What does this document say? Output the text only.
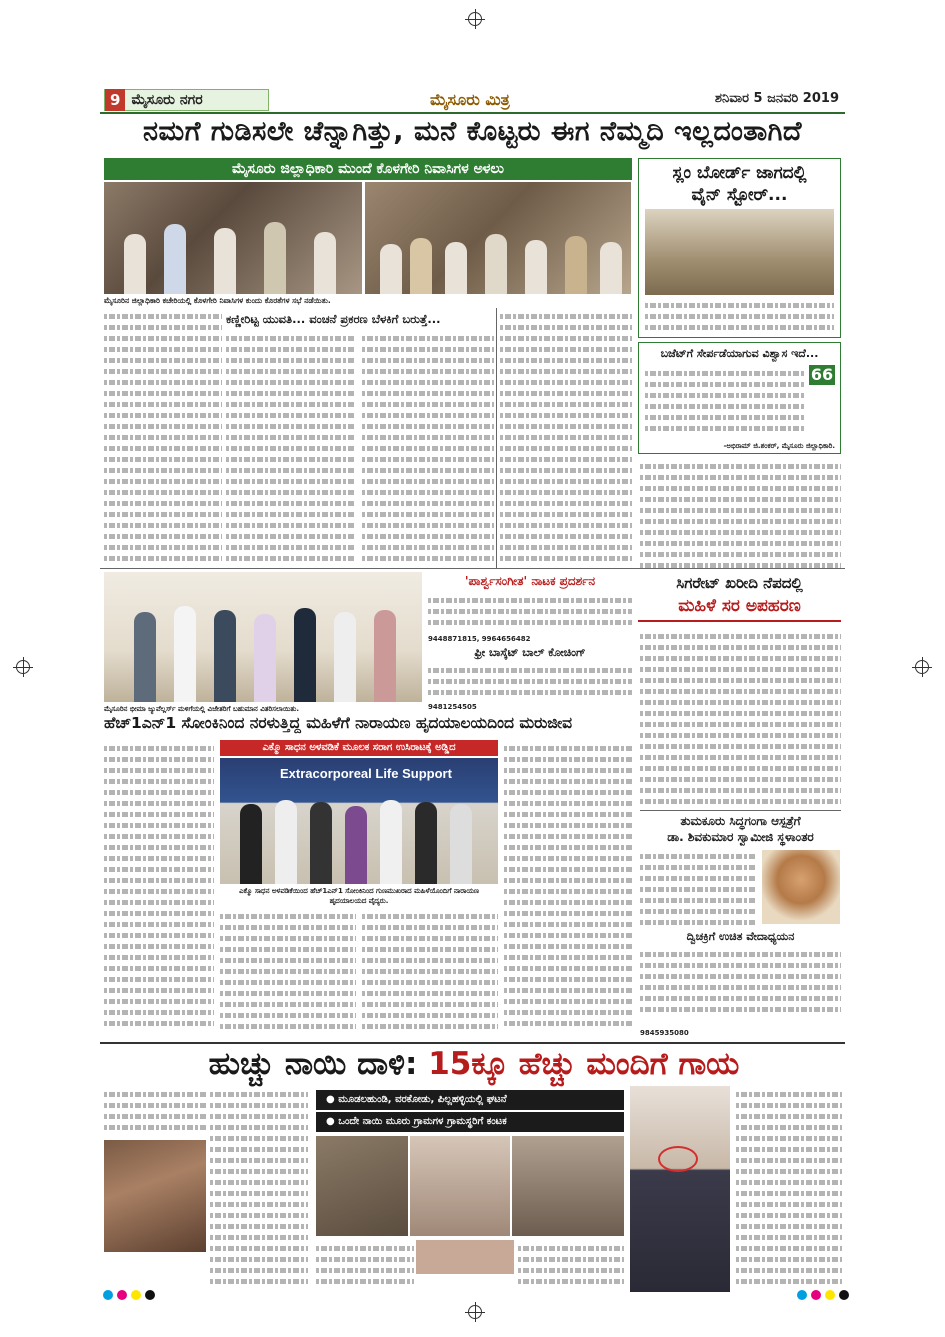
9 ಮೈಸೂರು ನಗರ	ಮೈಸೂರು ಮಿತ್ರ	ಶನಿವಾರ 5 ಜನವರಿ 2019
ನಮಗೆ ಗುಡಿಸಲೇ ಚೆನ್ನಾಗಿತ್ತು, ಮನೆ ಕೊಟ್ಟರು ಈಗ ನೆಮ್ಮದಿ ಇಲ್ಲದಂತಾಗಿದೆ
ಮೈಸೂರು ಜಿಲ್ಲಾಧಿಕಾರಿ ಮುಂದೆ ಕೊಳಗೇರಿ ನಿವಾಸಿಗಳ ಅಳಲು
ಮೈಸೂರಿನ ಜಿಲ್ಲಾಧಿಕಾರಿ ಕಚೇರಿಯಲ್ಲಿ ಕೊಳಗೇರಿ ನಿವಾಸಿಗಳ ಕುಂದು ಕೊರತೆಗಳ ಸಭೆ ನಡೆಯಿತು.
ಕಣ್ಣೀರಿಟ್ಟ ಯುವತಿ... ವಂಚನೆ ಪ್ರಕರಣ ಬೆಳಕಿಗೆ ಬರುತ್ತೆ...
ಸ್ಲಂ ಬೋರ್ಡ್ ಜಾಗದಲ್ಲಿ
ವೈನ್ ಸ್ಟೋರ್...
ಬಜೆಟ್‌ಗೆ ಸೇರ್ಪಡೆಯಾಗುವ ವಿಶ್ವಾಸ ಇದೆ...
66
-ಅಭಿರಾಮ್ ಜಿ.ಶಂಕರ್, ಮೈಸೂರು ಜಿಲ್ಲಾಧಿಕಾರಿ.
ಮೈಸೂರಿನ ಭೀಮಾ ಜ್ಯುವೆಲ್ಲರ್ಸ್ ಮಳಿಗೆಯಲ್ಲಿ ವಿಜೇತರಿಗೆ ಬಹುಮಾನ ವಿತರಿಸಲಾಯಿತು.
'ಪಾರ್ಶ್ವಸಂಗೀತ' ನಾಟಕ ಪ್ರದರ್ಶನ
9448871815, 9964656482
ಫ್ರೀ ಬಾಸ್ಕೆಟ್ ಬಾಲ್ ಕೋಚಿಂಗ್
9481254505
ಸಿಗರೇಟ್ ಖರೀದಿ ನೆಪದಲ್ಲಿ
ಮಹಿಳೆ ಸರ ಅಪಹರಣ
ಹೆಚ್1ಎನ್1 ಸೋಂಕಿನಿಂದ ನರಳುತ್ತಿದ್ದ ಮಹಿಳೆಗೆ ನಾರಾಯಣ ಹೃದಯಾಲಯದಿಂದ ಮರುಜೀವ
ಎಕ್ಮೊ ಸಾಧನ ಅಳವಡಿಕೆ ಮೂಲಕ ಸರಾಗ ಉಸಿರಾಟಕ್ಕೆ ಅಡ್ಡಿದ
Extracorporeal Life Support
ಎಕ್ಮೊ ಸಾಧನ ಅಳವಡಿಕೆಯಿಂದ ಹೆಚ್1ಎನ್1 ಸೋಂಕಿನಿಂದ ಗುಣಮುಖರಾದ ಮಹಿಳೆಯೊಂದಿಗೆ ನಾರಾಯಣ ಹೃದಯಾಲಯದ ವೈದ್ಯರು.
ತುಮಕೂರು ಸಿದ್ಧಗಂಗಾ ಆಸ್ಪತ್ರೆಗೆ
ಡಾ. ಶಿವಕುಮಾರ ಸ್ವಾಮೀಜಿ ಸ್ಥಳಾಂತರ
ದ್ವಿಚಕ್ರಿಗೆ ಉಚಿತ ವೇದಾಧ್ಯಯನ
9845935080
ಹುಚ್ಚು ನಾಯಿ ದಾಳಿ: 15ಕ್ಕೂ ಹೆಚ್ಚು ಮಂದಿಗೆ ಗಾಯ
● ಮೂಡಲಹುಂಡಿ, ವರಕೋಡು, ಪಿಲ್ಲಹಳ್ಳಿಯಲ್ಲಿ ಘಟನೆ
● ಒಂದೇ ನಾಯಿ ಮೂರು ಗ್ರಾಮಗಳ ಗ್ರಾಮಸ್ಥರಿಗೆ ಕಂಟಕ
